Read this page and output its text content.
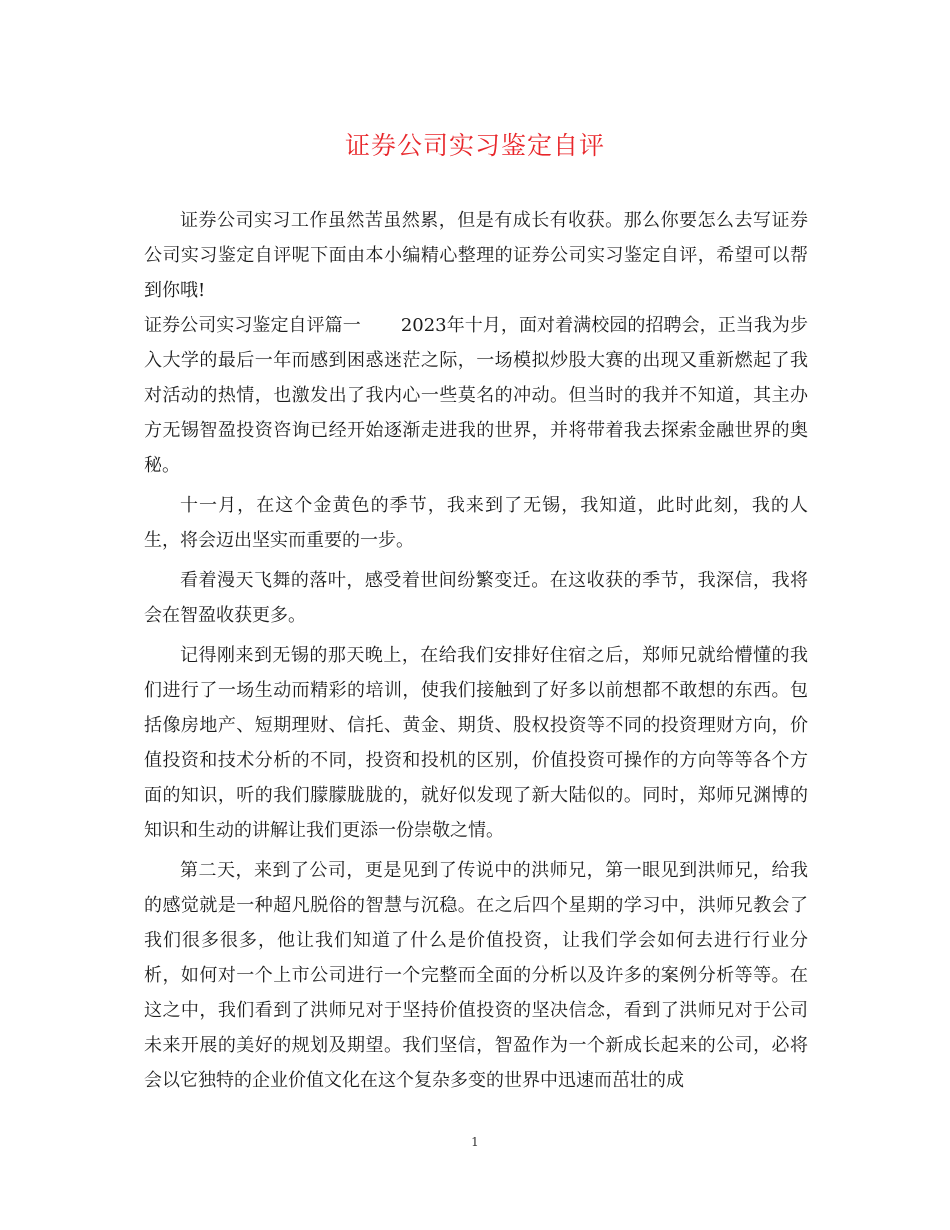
证券公司实习鉴定自评

证券公司实习工作虽然苦虽然累，但是有成长有收获。那么你要怎么去写证券公司实习鉴定自评呢下面由本小编精心整理的证券公司实习鉴定自评，希望可以帮到你哦!

证券公司实习鉴定自评篇一 2023年十月，面对着满校园的招聘会，正当我为步入大学的最后一年而感到困惑迷茫之际，一场模拟炒股大赛的出现又重新燃起了我对活动的热情，也激发出了我内心一些莫名的冲动。但当时的我并不知道，其主办方无锡智盈投资咨询已经开始逐渐走进我的世界，并将带着我去探索金融世界的奥秘。

十一月，在这个金黄色的季节，我来到了无锡，我知道，此时此刻，我的人生，将会迈出坚实而重要的一步。

看着漫天飞舞的落叶，感受着世间纷繁变迁。在这收获的季节，我深信，我将会在智盈收获更多。

记得刚来到无锡的那天晚上，在给我们安排好住宿之后，郑师兄就给懵懂的我们进行了一场生动而精彩的培训，使我们接触到了好多以前想都不敢想的东西。包括像房地产、短期理财、信托、黄金、期货、股权投资等不同的投资理财方向，价值投资和技术分析的不同，投资和投机的区别，价值投资可操作的方向等等各个方面的知识，听的我们朦朦胧胧的，就好似发现了新大陆似的。同时，郑师兄渊博的知识和生动的讲解让我们更添一份崇敬之情。

第二天，来到了公司，更是见到了传说中的洪师兄，第一眼见到洪师兄，给我的感觉就是一种超凡脱俗的智慧与沉稳。在之后四个星期的学习中，洪师兄教会了我们很多很多，他让我们知道了什么是价值投资，让我们学会如何去进行行业分析，如何对一个上市公司进行一个完整而全面的分析以及许多的案例分析等等。在这之中，我们看到了洪师兄对于坚持价值投资的坚决信念，看到了洪师兄对于公司未来开展的美好的规划及期望。我们坚信，智盈作为一个新成长起来的公司，必将会以它独特的企业价值文化在这个复杂多变的世界中迅速而茁壮的成

1
